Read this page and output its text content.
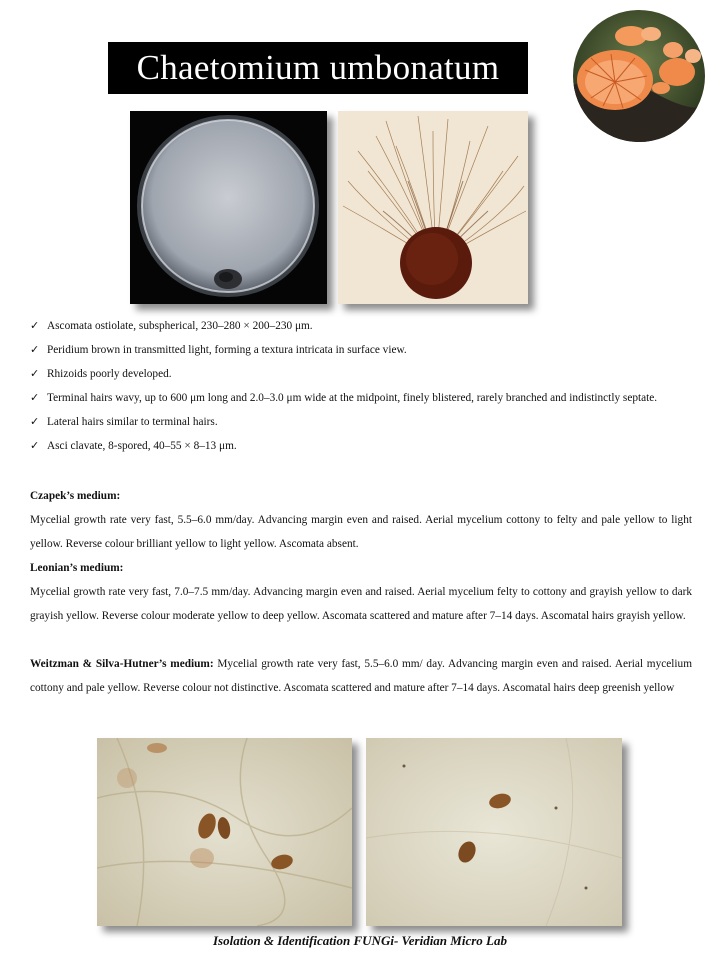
Chaetomium umbonatum
✓ Ascomata ostiolate, subspherical, 230–280 × 200–230 μm.
✓ Peridium brown in transmitted light, forming a textura intricata in surface view.
✓ Rhizoids poorly developed.
✓ Terminal hairs wavy, up to 600 μm long and 2.0–3.0 μm wide at the midpoint, finely blistered, rarely branched and indistinctly septate.
✓ Lateral hairs similar to terminal hairs.
✓ Asci clavate, 8-spored, 40–55 × 8–13 μm.
Czapek’s medium:
Mycelial growth rate very fast, 5.5–6.0 mm/day. Advancing margin even and raised. Aerial mycelium cottony to felty and pale yellow to light yellow. Reverse colour brilliant yellow to light yellow. Ascomata absent.
Leonian’s medium:
Mycelial growth rate very fast, 7.0–7.5 mm/day. Advancing margin even and raised. Aerial mycelium felty to cottony and grayish yellow to dark grayish yellow. Reverse colour moderate yellow to deep yellow. Ascomata scattered and mature after 7–14 days. Ascomatal hairs grayish yellow.
Weitzman & Silva-Hutner’s medium: Mycelial growth rate very fast, 5.5–6.0 mm/ day. Advancing margin even and raised. Aerial mycelium cottony and pale yellow. Reverse colour not distinctive. Ascomata scattered and mature after 7–14 days. Ascomatal hairs deep greenish yellow
Isolation & Identification FUNGi- Veridian Micro Lab
